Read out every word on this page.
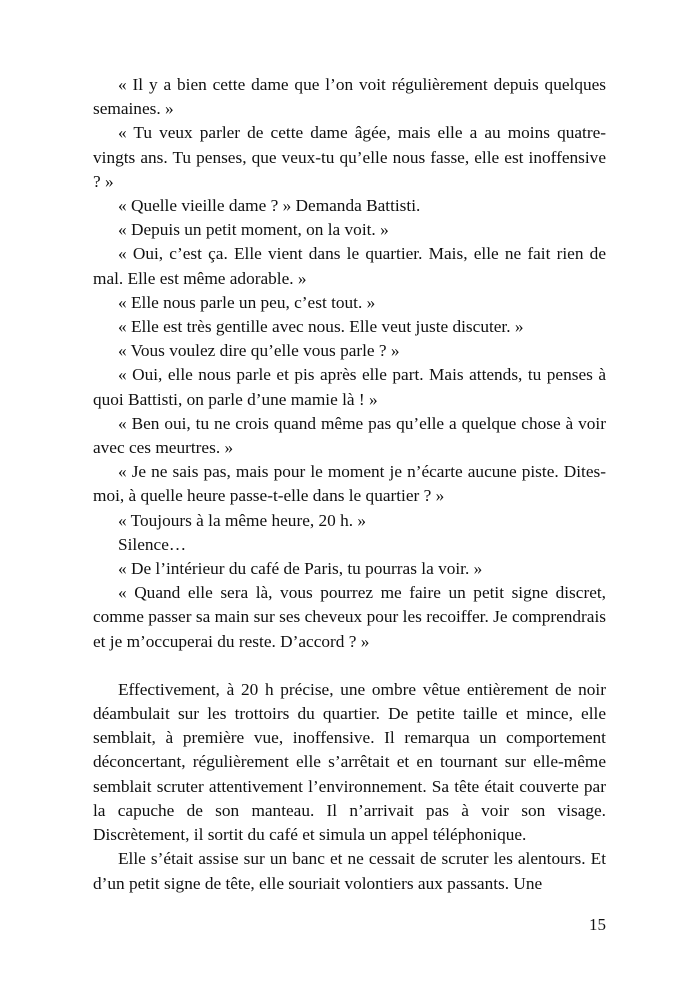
« Il y a bien cette dame que l’on voit régulièrement depuis quelques semaines. »

« Tu veux parler de cette dame âgée, mais elle a au moins quatre-vingts ans. Tu penses, que veux-tu qu’elle nous fasse, elle est inoffensive ? »

« Quelle vieille dame ? » Demanda Battisti.

« Depuis un petit moment, on la voit. »

« Oui, c’est ça. Elle vient dans le quartier. Mais, elle ne fait rien de mal. Elle est même adorable. »

« Elle nous parle un peu, c’est tout. »

« Elle est très gentille avec nous. Elle veut juste discuter. »

« Vous voulez dire qu’elle vous parle ? »

« Oui, elle nous parle et pis après elle part. Mais attends, tu penses à quoi Battisti, on parle d’une mamie là ! »

« Ben oui, tu ne crois quand même pas qu’elle a quelque chose à voir avec ces meurtres. »

« Je ne sais pas, mais pour le moment je n’écarte aucune piste. Dites-moi, à quelle heure passe-t-elle dans le quartier ? »

« Toujours à la même heure, 20 h. »

Silence…

« De l’intérieur du café de Paris, tu pourras la voir. »

« Quand elle sera là, vous pourrez me faire un petit signe discret, comme passer sa main sur ses cheveux pour les recoiffer. Je comprendrais et je m’occuperai du reste. D’accord ? »

Effectivement, à 20 h précise, une ombre vêtue entièrement de noir déambulait sur les trottoirs du quartier. De petite taille et mince, elle semblait, à première vue, inoffensive. Il remarqua un comportement déconcertant, régulièrement elle s’arrêtait et en tournant sur elle-même semblait scruter attentivement l’environnement. Sa tête était couverte par la capuche de son manteau. Il n’arrivait pas à voir son visage. Discrètement, il sortit du café et simula un appel téléphonique.

Elle s’était assise sur un banc et ne cessait de scruter les alentours. Et d’un petit signe de tête, elle souriait volontiers aux passants. Une

15
